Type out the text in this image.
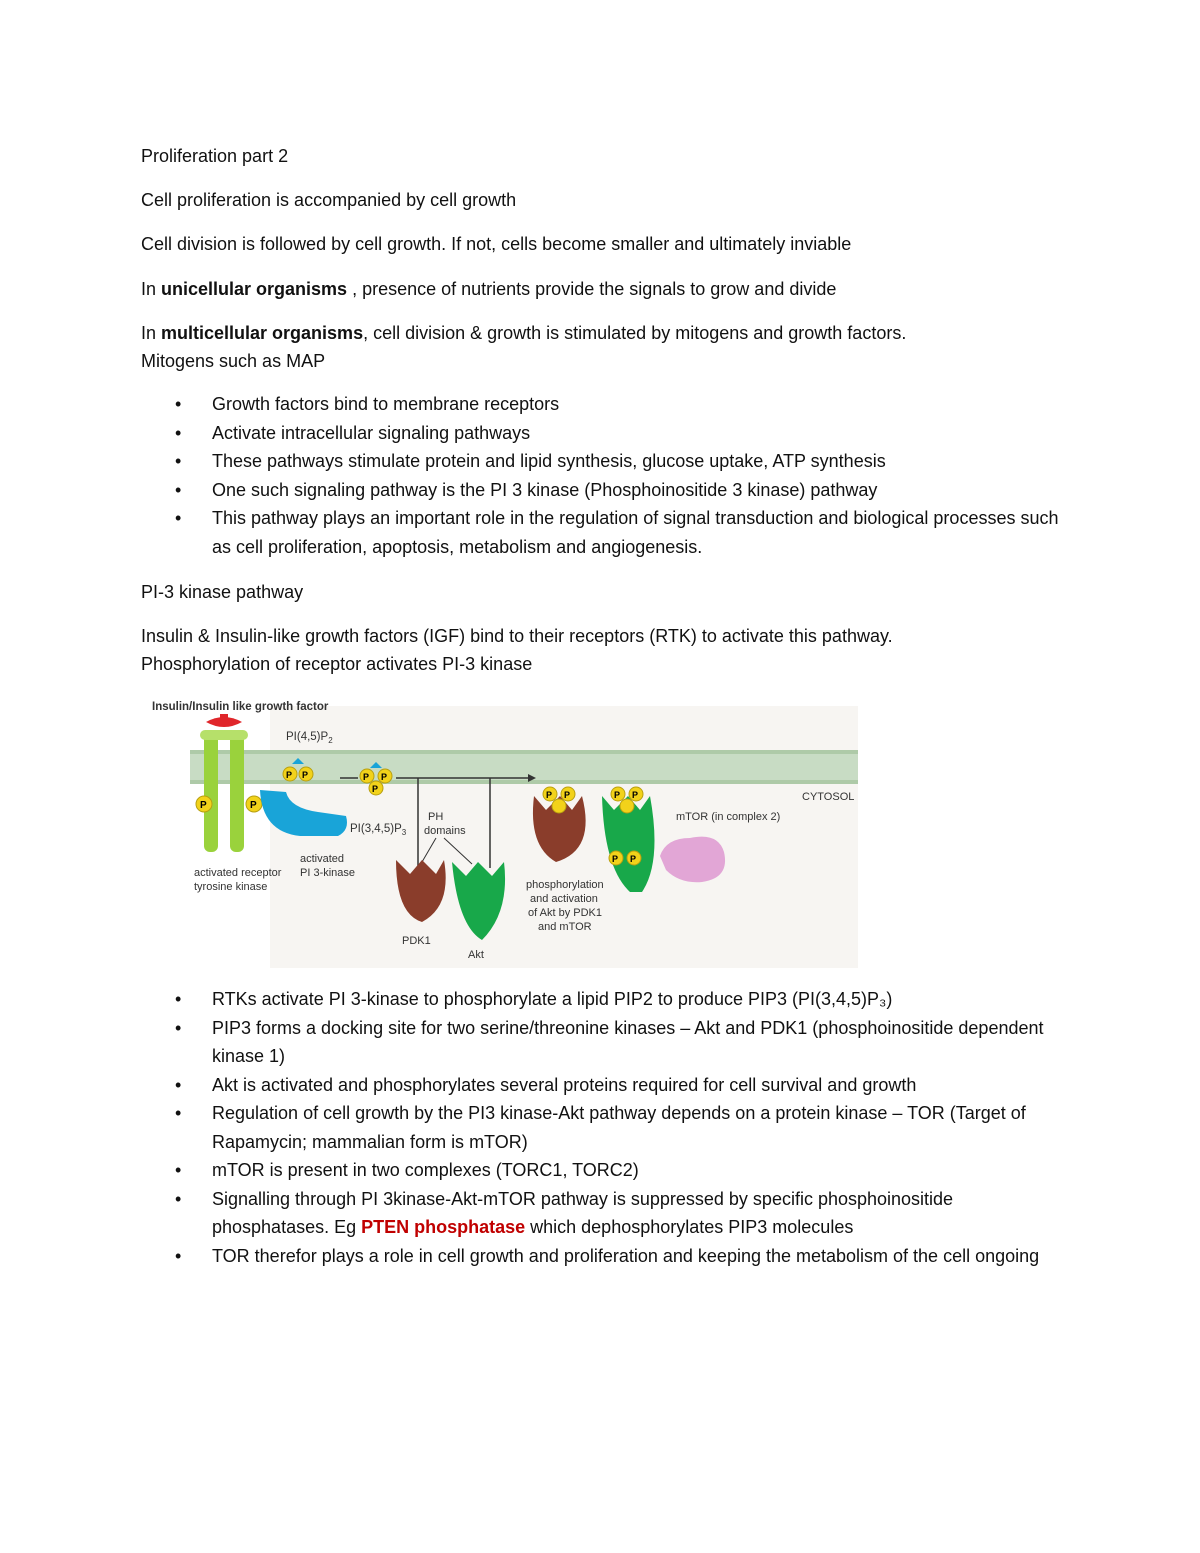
Proliferation part 2
Cell proliferation is accompanied by cell growth
Cell division is followed by cell growth. If not, cells become smaller and ultimately inviable
In unicellular organisms , presence of nutrients provide the signals to grow and divide
In multicellular organisms, cell division & growth is stimulated by mitogens and growth factors.
Mitogens such as MAP
• Growth factors bind to membrane receptors
• Activate intracellular signaling pathways
• These pathways stimulate protein and lipid synthesis, glucose uptake, ATP synthesis
• One such signaling pathway is the PI 3 kinase (Phosphoinositide 3 kinase) pathway
• This pathway plays an important role in the regulation of signal transduction and biological processes such as cell proliferation, apoptosis, metabolism and angiogenesis.
PI-3 kinase pathway
Insulin & Insulin-like growth factors (IGF) bind to their receptors (RTK) to activate this pathway.
Phosphorylation of receptor activates PI-3 kinase
Insulin/Insulin like growth factor
P	P
P P
$PI(4,5)P_2$
P P
P
$PI(3,4,5)P_3$
PH
domains
PDK1
Akt
P P	P P
P P
mTOR (in complex 2)
CYTOSOL
activated receptor
tyrosine kinase
activated
PI 3-kinase
phosphorylation
and activation
of Akt by PDK1
and mTOR
• RTKs activate PI 3-kinase to phosphorylate a lipid PIP2 to produce PIP3 (PI(3,4,5)P₃)
• PIP3 forms a docking site for two serine/threonine kinases – Akt and PDK1 (phosphoinositide dependent kinase 1)
• Akt is activated and phosphorylates several proteins required for cell survival and growth
• Regulation of cell growth by the PI3 kinase-Akt pathway depends on a protein kinase – TOR (Target of Rapamycin; mammalian form is mTOR)
• mTOR is present in two complexes (TORC1, TORC2)
• Signalling through PI 3kinase-Akt-mTOR pathway is suppressed by specific phosphoinositide phosphatases. Eg PTEN phosphatase which dephosphorylates PIP3 molecules
• TOR therefor plays a role in cell growth and proliferation and keeping the metabolism of the cell ongoing
